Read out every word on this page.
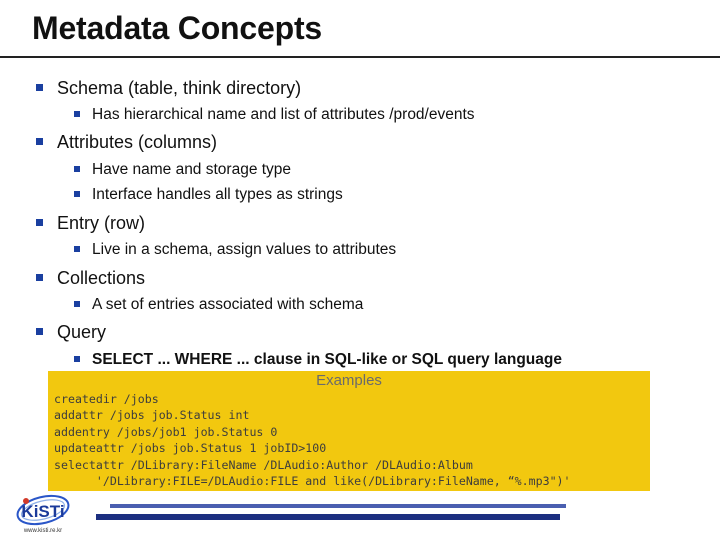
Metadata Concepts
Schema (table, think directory)
Has hierarchical name and list of attributes /prod/events
Attributes (columns)
Have name and storage type
Interface handles all types as strings
Entry (row)
Live in a schema, assign values to attributes
Collections
A set of entries associated with schema
Query
SELECT ... WHERE ... clause in SQL-like or SQL query language
Examples
createdir /jobs
addattr /jobs job.Status int
addentry /jobs/job1 job.Status 0
updateattr /jobs job.Status 1 jobID>100
selectattr /DLibrary:FileName /DLAudio:Author /DLAudio:Album
'/DLibrary:FILE=/DLAudio:FILE and like(/DLibrary:FileName, “%.mp3")'
KiSTi
www.kisti.re.kr
